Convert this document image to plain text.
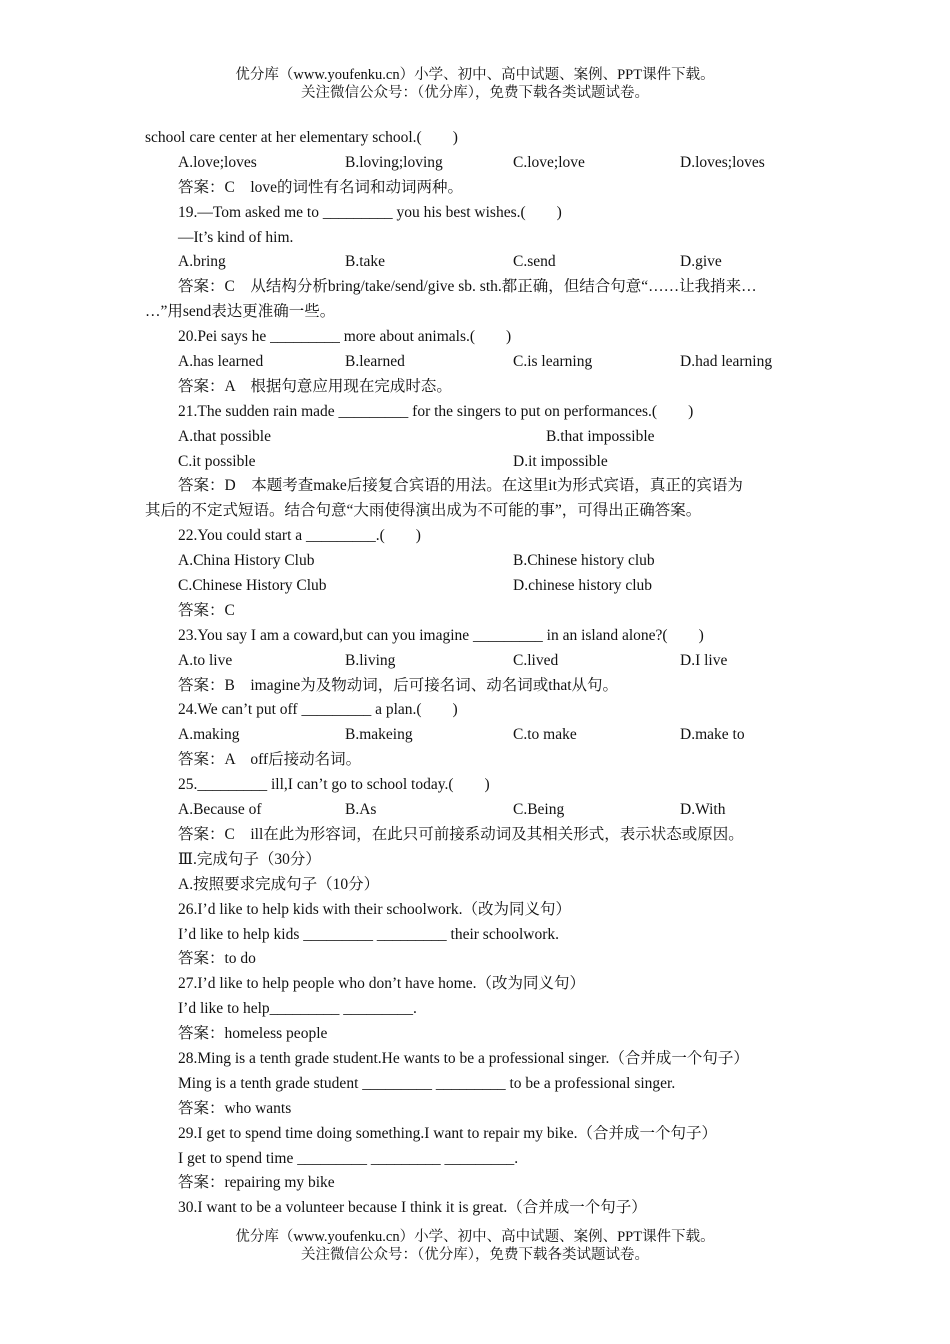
优分库（www.youfenku.cn）小学、初中、高中试题、案例、PPT课件下载。
关注微信公众号：（优分库），免费下载各类试题试卷。
school care center at her elementary school.(　　)
A.love;loves	B.loving;loving	C.love;love	D.loves;loves
答案：C　love的词性有名词和动词两种。
19.—Tom asked me to _________ you his best wishes.(　　)
—It’s kind of him.
A.bring	B.take	C.send	D.give
答案：C　从结构分析bring/take/send/give sb. sth.都正确，但结合句意“……让我捎来…
…”用send表达更准确一些。
20.Pei says he _________ more about animals.(　　)
A.has learned	B.learned	C.is learning	D.had learning
答案：A　根据句意应用现在完成时态。
21.The sudden rain made _________ for the singers to put on performances.(　　)
A.that possible	B.that impossible
C.it possible	D.it impossible
答案：D　本题考查make后接复合宾语的用法。在这里it为形式宾语，真正的宾语为
其后的不定式短语。结合句意“大雨使得演出成为不可能的事”，可得出正确答案。
22.You could start a _________.(　　)
A.China History Club	B.Chinese history club
C.Chinese History Club	D.chinese history club
答案：C
23.You say I am a coward,but can you imagine _________ in an island alone?(　　)
A.to live	B.living	C.lived	D.I live
答案：B　imagine为及物动词，后可接名词、动名词或that从句。
24.We can’t put off _________ a plan.(　　)
A.making	B.makeing	C.to make	D.make to
答案：A　off后接动名词。
25._________ ill,I can’t go to school today.(　　)
A.Because of	B.As	C.Being	D.With
答案：C　ill在此为形容词，在此只可前接系动词及其相关形式，表示状态或原因。
Ⅲ.完成句子（30分）
A.按照要求完成句子（10分）
26.I’d like to help kids with their schoolwork.（改为同义句）
I’d like to help kids _________ _________ their schoolwork.
答案：to do
27.I’d like to help people who don’t have home.（改为同义句）
I’d like to help_________ _________.
答案：homeless people
28.Ming is a tenth grade student.He wants to be a professional singer.（合并成一个句子）
Ming is a tenth grade student _________ _________ to be a professional singer.
答案：who wants
29.I get to spend time doing something.I want to repair my bike.（合并成一个句子）
I get to spend time _________ _________ _________.
答案：repairing my bike
30.I want to be a volunteer because I think it is great.（合并成一个句子）
优分库（www.youfenku.cn）小学、初中、高中试题、案例、PPT课件下载。
关注微信公众号：（优分库），免费下载各类试题试卷。
